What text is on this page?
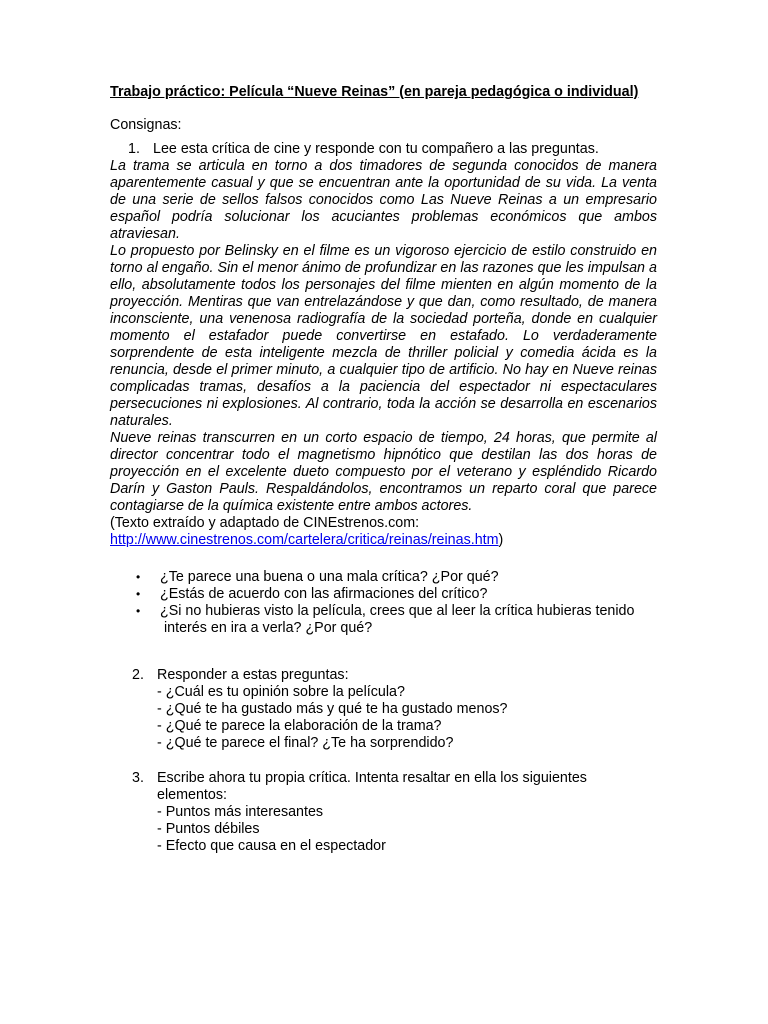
Trabajo práctico: Película “Nueve Reinas” (en pareja pedagógica o individual)
Consignas:
1. Lee esta crítica de cine y responde con tu compañero a las preguntas.

La trama se articula en torno a dos timadores de segunda conocidos de manera aparentemente casual y que se encuentran ante la oportunidad de su vida. La venta de una serie de sellos falsos conocidos como Las Nueve Reinas a un empresario español podría solucionar los acuciantes problemas económicos que ambos atraviesan.

Lo propuesto por Belinsky en el filme es un vigoroso ejercicio de estilo construido en torno al engaño. Sin el menor ánimo de profundizar en las razones que les impulsan a ello, absolutamente todos los personajes del filme mienten en algún momento de la proyección. Mentiras que van entrelazándose y que dan, como resultado, de manera inconsciente, una venenosa radiografía de la sociedad porteña, donde en cualquier momento el estafador puede convertirse en estafado. Lo verdaderamente sorprendente de esta inteligente mezcla de thriller policial y comedia ácida es la renuncia, desde el primer minuto, a cualquier tipo de artificio. No hay en Nueve reinas complicadas tramas, desafíos a la paciencia del espectador ni espectaculares persecuciones ni explosiones. Al contrario, toda la acción se desarrolla en escenarios naturales.

Nueve reinas transcurren en un corto espacio de tiempo, 24 horas, que permite al director concentrar todo el magnetismo hipnótico que destilan las dos horas de proyección en el excelente dueto compuesto por el veterano y espléndido Ricardo Darín y Gaston Pauls. Respaldándolos, encontramos un reparto coral que parece contagiarse de la química existente entre ambos actores.

(Texto extraído y adaptado de CINEstrenos.com:
http://www.cinestrenos.com/cartelera/critica/reinas/reinas.htm)

• ¿Te parece una buena o una mala crítica? ¿Por qué?
• ¿Estás de acuerdo con las afirmaciones del crítico?
• ¿Si no hubieras visto la película, crees que al leer la crítica hubieras tenido
interés en ira a verla? ¿Por qué?
2. Responder a estas preguntas:
- ¿Cuál es tu opinión sobre la película?
- ¿Qué te ha gustado más y qué te ha gustado menos?
- ¿Qué te parece la elaboración de la trama?
- ¿Qué te parece el final? ¿Te ha sorprendido?
3. Escribe ahora tu propia crítica. Intenta resaltar en ella los siguientes elementos:
- Puntos más interesantes
- Puntos débiles
- Efecto que causa en el espectador
